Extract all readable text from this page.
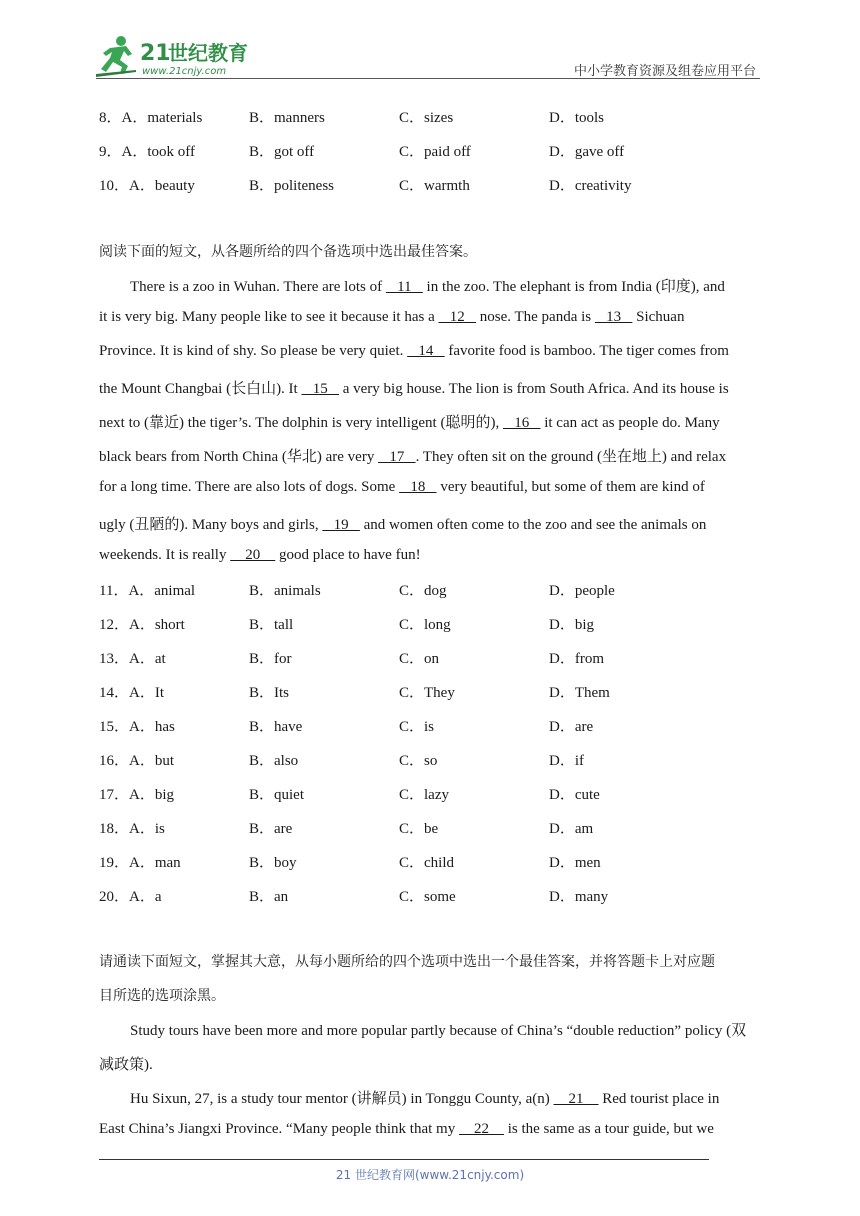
21
世纪教育
www.21cnjy.com	中小学教育资源及组卷应用平台
8．A．materials	B．manners	C．sizes	D．tools
9．A．took off	B．got off	C．paid off	D．gave off
10．A．beauty	B．politeness	C．warmth	D．creativity
阅读下面的短文，从各题所给的四个备选项中选出最佳答案。
There is a zoo in Wuhan. There are lots of    11    in the zoo. The elephant is from India (印度), and
it is very big. Many people like to see it because it has a    12    nose. The panda is    13    Sichuan
Province. It is kind of shy. So please be very quiet.    14    favorite food is bamboo. The tiger comes from
the Mount Changbai (长白山). It    15    a very big house. The lion is from South Africa. And its house is
next to (靠近) the tiger’s. The dolphin is very intelligent (聪明的),    16    it can act as people do. Many
black bears from North China (华北) are very    17   . They often sit on the ground (坐在地上) and relax
for a long time. There are also lots of dogs. Some    18    very beautiful, but some of them are kind of
ugly (丑陋的). Many boys and girls,    19    and women often come to the zoo and see the animals on
weekends. It is really     20     good place to have fun!
11．A．animal	B．animals	C．dog	D．people
12．A．short	B．tall	C．long	D．big
13．A．at	B．for	C．on	D．from
14．A．It	B．Its	C．They	D．Them
15．A．has	B．have	C．is	D．are
16．A．but	B．also	C．so	D．if
17．A．big	B．quiet	C．lazy	D．cute
18．A．is	B．are	C．be	D．am
19．A．man	B．boy	C．child	D．men
20．A．a	B．an	C．some	D．many
请通读下面短文，掌握其大意，从每小题所给的四个选项中选出一个最佳答案，并将答题卡上对应题
目所选的选项涂黑。
Study tours have been more and more popular partly because of China’s “double reduction” policy (双
减政策).
Hu Sixun, 27, is a study tour mentor (讲解员) in Tonggu County, a(n)     21     Red tourist place in
East China’s Jiangxi Province. “Many people think that my     22     is the same as a tour guide, but we
21 世纪教育网(www.21cnjy.com)
